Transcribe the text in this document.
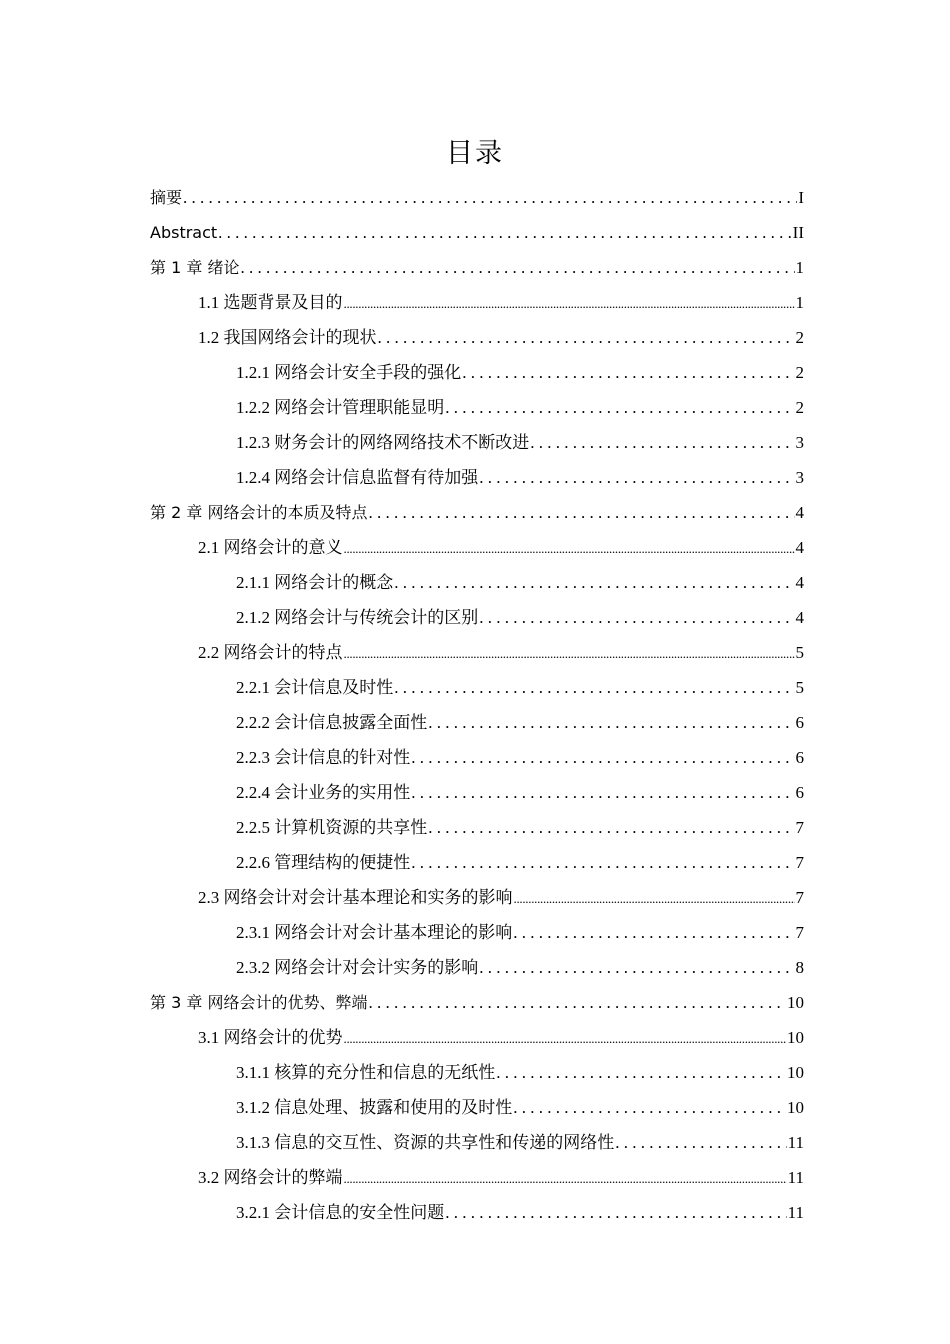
目录
摘要 . . .	I
Abstract . . .	II
第 1 章 绪论 . . .	1
1.1 选题背景及目的 .....	1
1.2 我国网络会计的现状 . . .	2
1.2.1 网络会计安全手段的强化 . . .	2
1.2.2 网络会计管理职能显明 . . .	2
1.2.3 财务会计的网络网络技术不断改进 . . .	3
1.2.4 网络会计信息监督有待加强 . . .	3
第 2 章 网络会计的本质及特点 . . .	4
2.1 网络会计的意义 .....	4
2.1.1 网络会计的概念 . . .	4
2.1.2 网络会计与传统会计的区别 . . .	4
2.2 网络会计的特点 .....	5
2.2.1 会计信息及时性 . . .	5
2.2.2 会计信息披露全面性 . . .	6
2.2.3 会计信息的针对性 . . .	6
2.2.4 会计业务的实用性 . . .	6
2.2.5 计算机资源的共享性 . . .	7
2.2.6 管理结构的便捷性 . . .	7
2.3 网络会计对会计基本理论和实务的影响 .....	7
2.3.1 网络会计对会计基本理论的影响 . . .	7
2.3.2 网络会计对会计实务的影响 . . .	8
第 3 章 网络会计的优势、弊端 . . .	10
3.1 网络会计的优势 .....	10
3.1.1 核算的充分性和信息的无纸性 . . .	10
3.1.2 信息处理、披露和使用的及时性 . . .	10
3.1.3 信息的交互性、资源的共享性和传递的网络性 . . .	11
3.2 网络会计的弊端 .....	11
3.2.1 会计信息的安全性问题 . . .	11
